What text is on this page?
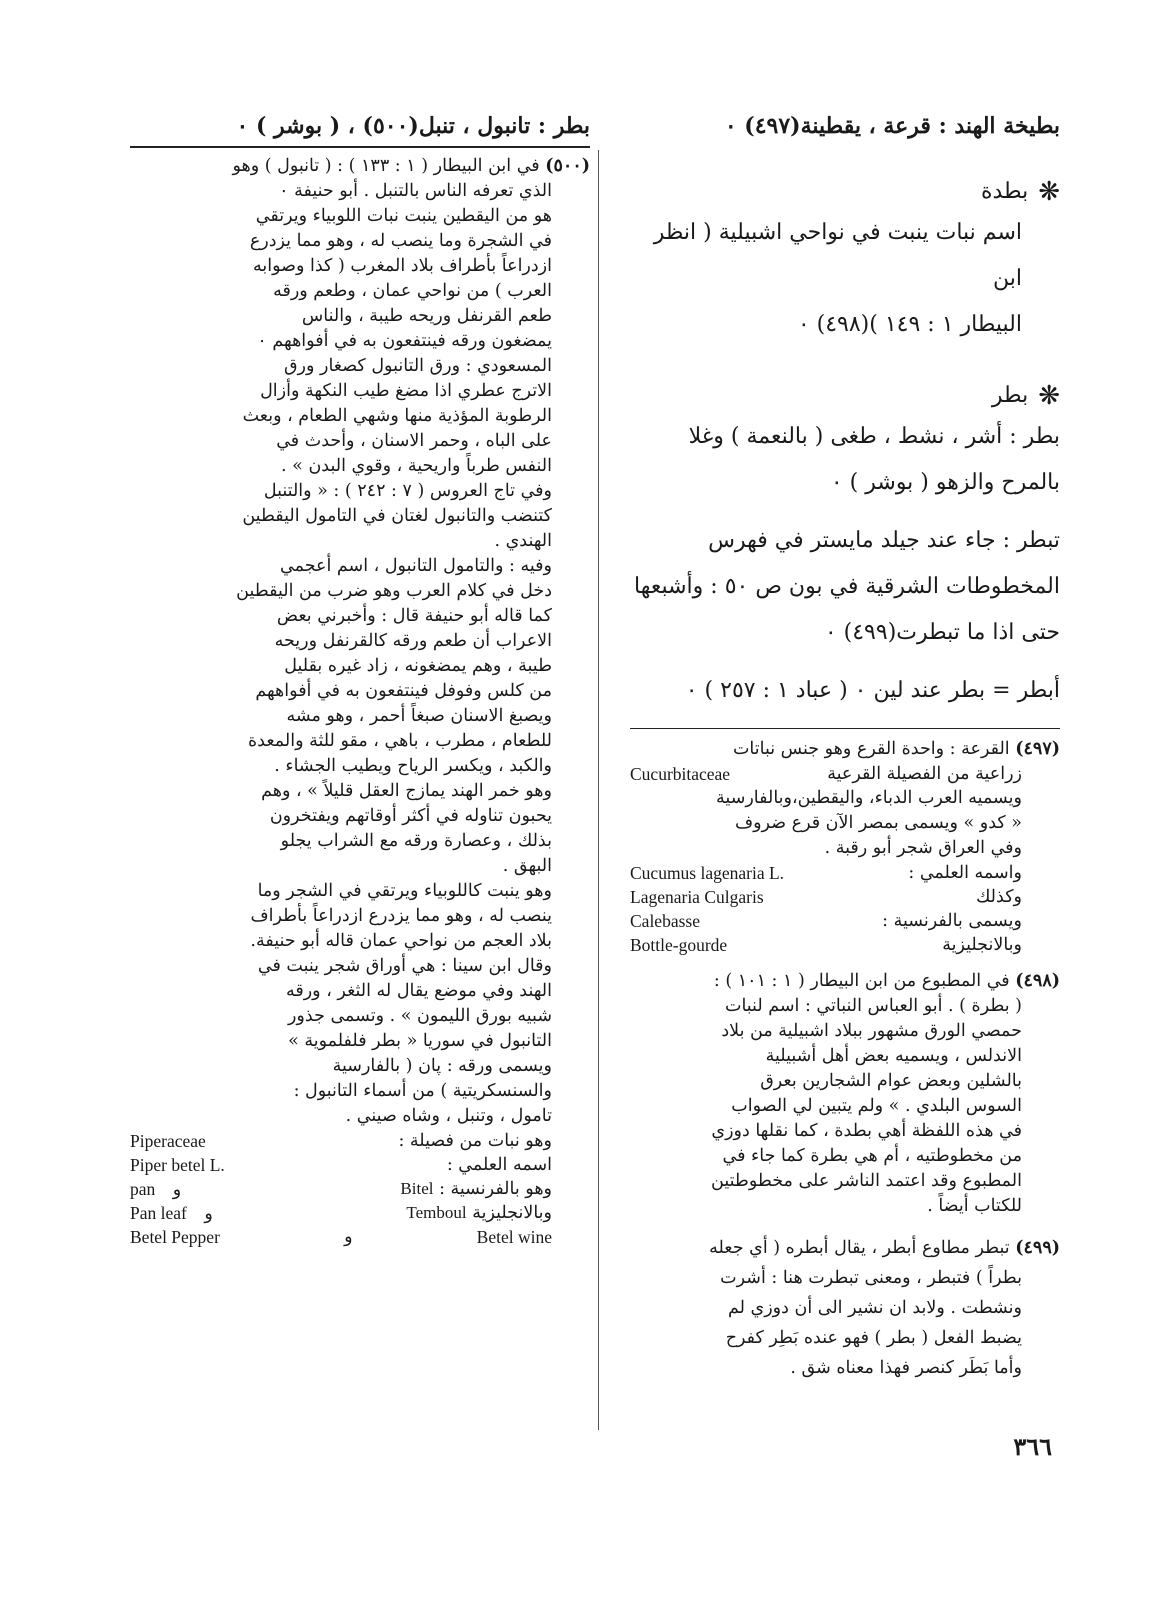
بطر : تانبول ، تنبل(٥٠٠) ، ( بوشر ) ٠

(٥٠٠) في ابن البيطار ( ١ : ١٣٣ ) : ( تانبول ) وهو

الذي تعرفه الناس بالتنبل . أبو حنيفة ٠

هو من اليقطين ينبت نبات اللوبياء ويرتقي

في الشجرة وما ينصب له ، وهو مما يزدرع

ازدراعاً بأطراف بلاد المغرب ( كذا وصوابه

العرب ) من نواحي عمان ، وطعم ورقه

طعم القرنفل وريحه طيبة ، والناس

يمضغون ورقه فينتفعون به في أفواههم ٠

المسعودي : ورق التانبول كصغار ورق

الاترج عطري اذا مضغ طيب النكهة وأزال

الرطوبة المؤذية منها وشهي الطعام ، وبعث

على الباه ، وحمر الاسنان ، وأحدث في

النفس طرباً واريحية ، وقوي البدن » .

وفي تاج العروس ( ٧ : ٢٤٢ ) : « والتنبل

كتنضب والتانبول لغتان في التامول اليقطين

الهندي .

وفيه : والتامول التانبول ، اسم أعجمي

دخل في كلام العرب وهو ضرب من اليقطين

كما قاله أبو حنيفة قال : وأخبرني بعض

الاعراب أن طعم ورقه كالقرنفل وريحه

طيبة ، وهم يمضغونه ، زاد غيره بقليل

من كلس وفوفل فينتفعون به في أفواههم

ويصبغ الاسنان صبغاً أحمر ، وهو مشه

للطعام ، مطرب ، باهي ، مقو للثة والمعدة

والكبد ، ويكسر الرياح ويطيب الجشاء .

وهو خمر الهند يمازج العقل قليلاً » ، وهم

يحبون تناوله في أكثر أوقاتهم ويفتخرون

بذلك ، وعصارة ورقه مع الشراب يجلو

البهق .

وهو ينبت كاللوبياء ويرتقي في الشجر وما

ينصب له ، وهو مما يزدرع ازدراعاً بأطراف

بلاد العجم من نواحي عمان قاله أبو حنيفة.

وقال ابن سينا : هي أوراق شجر ينبت في

الهند وفي موضع يقال له الثغر ، ورقه

شبيه بورق الليمون » . وتسمى جذور

التانبول في سوريا « بطر فلفلموية »

ويسمى ورقه : پان ( بالفارسية

والسنسكريتية ) من أسماء التانبول :

تامول ، وتنبل ، وشاه صيني .

وهو نبات من فصيلة :
Piperaceae
اسمه العلمي :
Piper betel L.
وهو بالفرنسية : Bitel
pan و
وبالانجليزية Temboul
Pan leaf و
Betel wine
و
Betel Pepper
بطيخة الهند : قرعة ، يقطينة(٤٩٧) ٠
❋
بطدة

اسم نبات ينبت في نواحي اشبيلية ( انظر ابن

البيطار ١ : ١٤٩ )(٤٩٨) ٠

❋
بطر

بطر : أشر ، نشط ، طغى ( بالنعمة ) وغلا

بالمرح والزهو ( بوشر ) ٠

تبطر : جاء عند جيلد مايستر في فهرس

المخطوطات الشرقية في بون ص ٥٠ : وأشبعها

حتى اذا ما تبطرت(٤٩٩) ٠

أبطر = بطر عند لين ٠ ( عباد ١ : ٢٥٧ ) ٠

(٤٩٧) القرعة : واحدة القرع وهو جنس نباتات

زراعية من الفصيلة القرعية
Cucurbitaceae

ويسميه العرب الدباء، واليقطين،وبالفارسية

« كدو » ويسمى بمصر الآن قرع ضروف

وفي العراق شجر أبو رقبة .

واسمه العلمي :
Cucumus lagenaria L.
وكذلك
Lagenaria Culgaris
ويسمى بالفرنسية :
Calebasse
وبالانجليزية
Bottle-gourde

(٤٩٨) في المطبوع من ابن البيطار ( ١ : ١٠١ ) :

( بطرة ) . أبو العباس النباتي : اسم لنبات

حمصي الورق مشهور ببلاد اشبيلية من بلاد

الاندلس ، ويسميه بعض أهل أشبيلية

بالشلين وبعض عوام الشجارين بعرق

السوس البلدي . » ولم يتبين لي الصواب

في هذه اللفظة أهي بطدة ، كما نقلها دوزي

من مخطوطتيه ، أم هي بطرة كما جاء في

المطبوع وقد اعتمد الناشر على مخطوطتين

للكتاب أيضاً .

(٤٩٩) تبطر مطاوع أبطر ، يقال أبطره ( أي جعله

بطراً ) فتبطر ، ومعنى تبطرت هنا : أشرت

ونشطت . ولابد ان نشير الى أن دوزي لم

يضبط الفعل ( بطر ) فهو عنده بَطِر كفرح

وأما بَطَر كنصر فهذا معناه شق .

٣٦٦
